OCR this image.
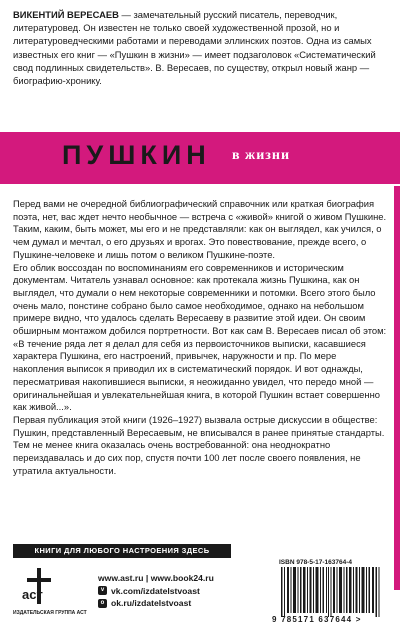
ВИКЕНТИЙ ВЕРЕСАЕВ — замечательный русский писатель, переводчик, литературовед. Он известен не только своей художественной прозой, но и литературоведческими работами и переводами эллинских поэтов. Одна из самых известных его книг — «Пушкин в жизни» — имеет подзаголовок «Систематический свод подлинных свидетельств». В. Вересаев, по существу, открыл новый жанр — биографию-хронику.

ПУШКИН в жизни

Перед вами не очередной библиографический справочник или краткая биография поэта, нет, вас ждет нечто необычное — встреча с «живой» книгой о живом Пушкине. Таким, каким, быть может, мы его и не представляли: как он выглядел, как учился, о чем думал и мечтал, о его друзьях и врогах. Это повествование, прежде всего, о Пушкине-человеке и лишь потом о великом Пушкине-поэте.

Его облик воссоздан по воспоминаниям его современников и историческим документам. Читатель узнавал основное: как протекала жизнь Пушкина, как он выглядел, что думали о нем некоторые современники и потомки. Всего этого было очень мало, понстине собрано было самое необходимое, однако на небольшом примере видно, что удалось сделать Вересаеву в развитие этой идеи. Он своим обширным монтажом добился портретности. Вот как сам В. Вересаев писал об этом:

«В течение ряда лет я делал для себя из первоисточников выписки, касавшиеся характера Пушкина, его настроений, привычек, наружности и пр. По мере накопления выписок я приводил их в систематический порядок. И вот однажды, пересматривая накопившиеся выписки, я неожиданно увидел, что передо мной — оригинальнейшая и увлекательнейшая книга, в которой Пушкин встает совершенно как живой...».

Первая публикация этой книги (1926–1927) вызвала острые дискуссии в обществе: Пушкин, представленный Вересаевым, не вписывался в ранее принятые стандарты. Тем не менее книга оказалась очень востребованной: она неоднократно переиздавалась и до сих пор, спустя почти 100 лет после своего появления, не утратила актуальности.

КНИГИ ДЛЯ ЛЮБОГО НАСТРОЕНИЯ ЗДЕСЬ
аст
ИЗДАТЕЛЬСКАЯ ГРУППА АСТ
www.ast.ru | www.book24.ru
v vk.com/izdatelstvoast
o ok.ru/izdatelstvoast
ISBN 978-5-17-163764-4
9 785171 637644 >
